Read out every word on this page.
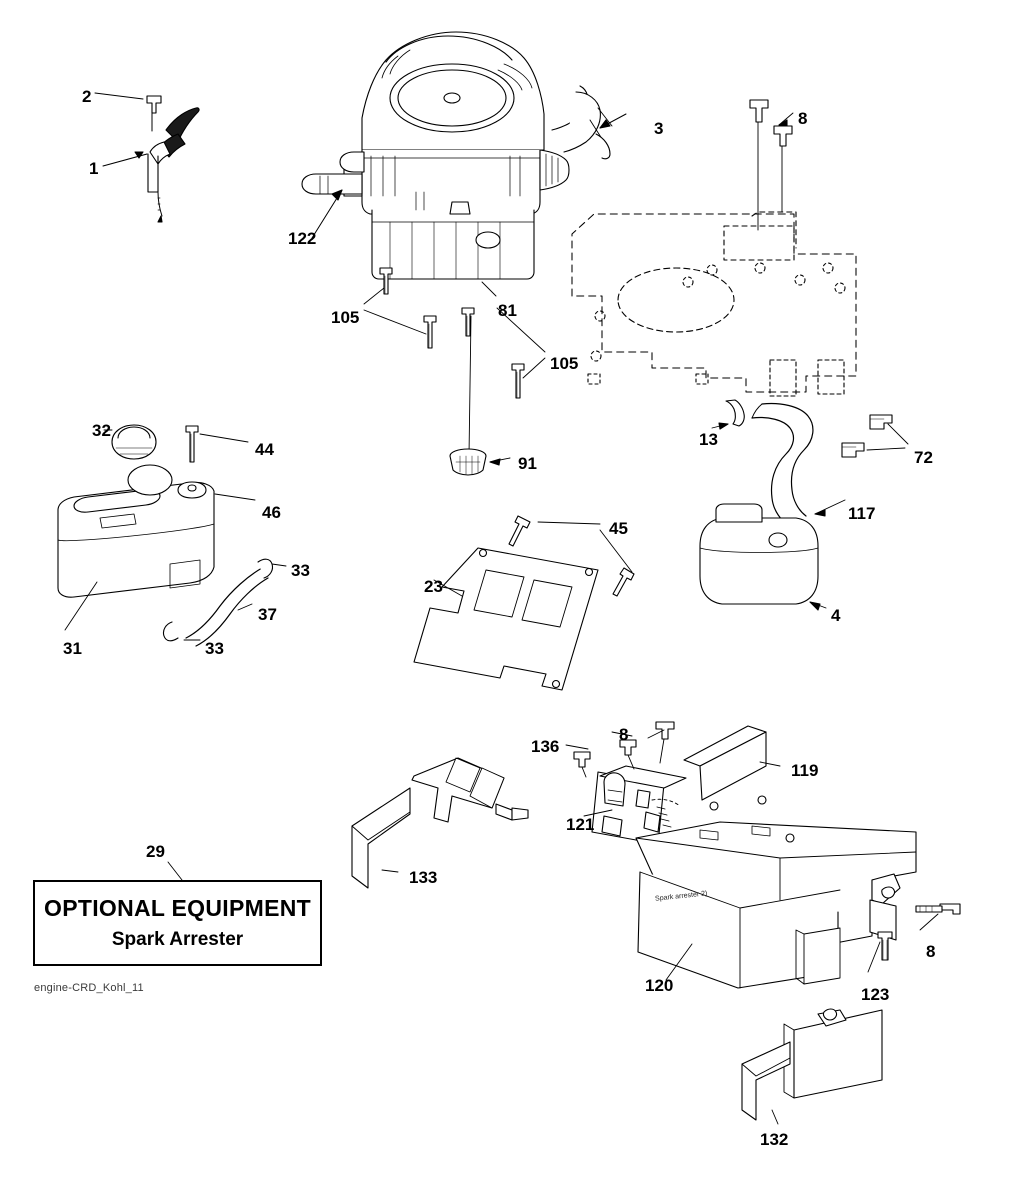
OPTIONAL EQUIPMENT
Spark Arrester
engine-CRD_Kohl_11
Spark arrester 2)
2
1
3
8
122
105	81
105
91
32
44
46
33
37
33
31
13
72
117
4
45
23
136
8
119
121
133
120	123
8
132
29
